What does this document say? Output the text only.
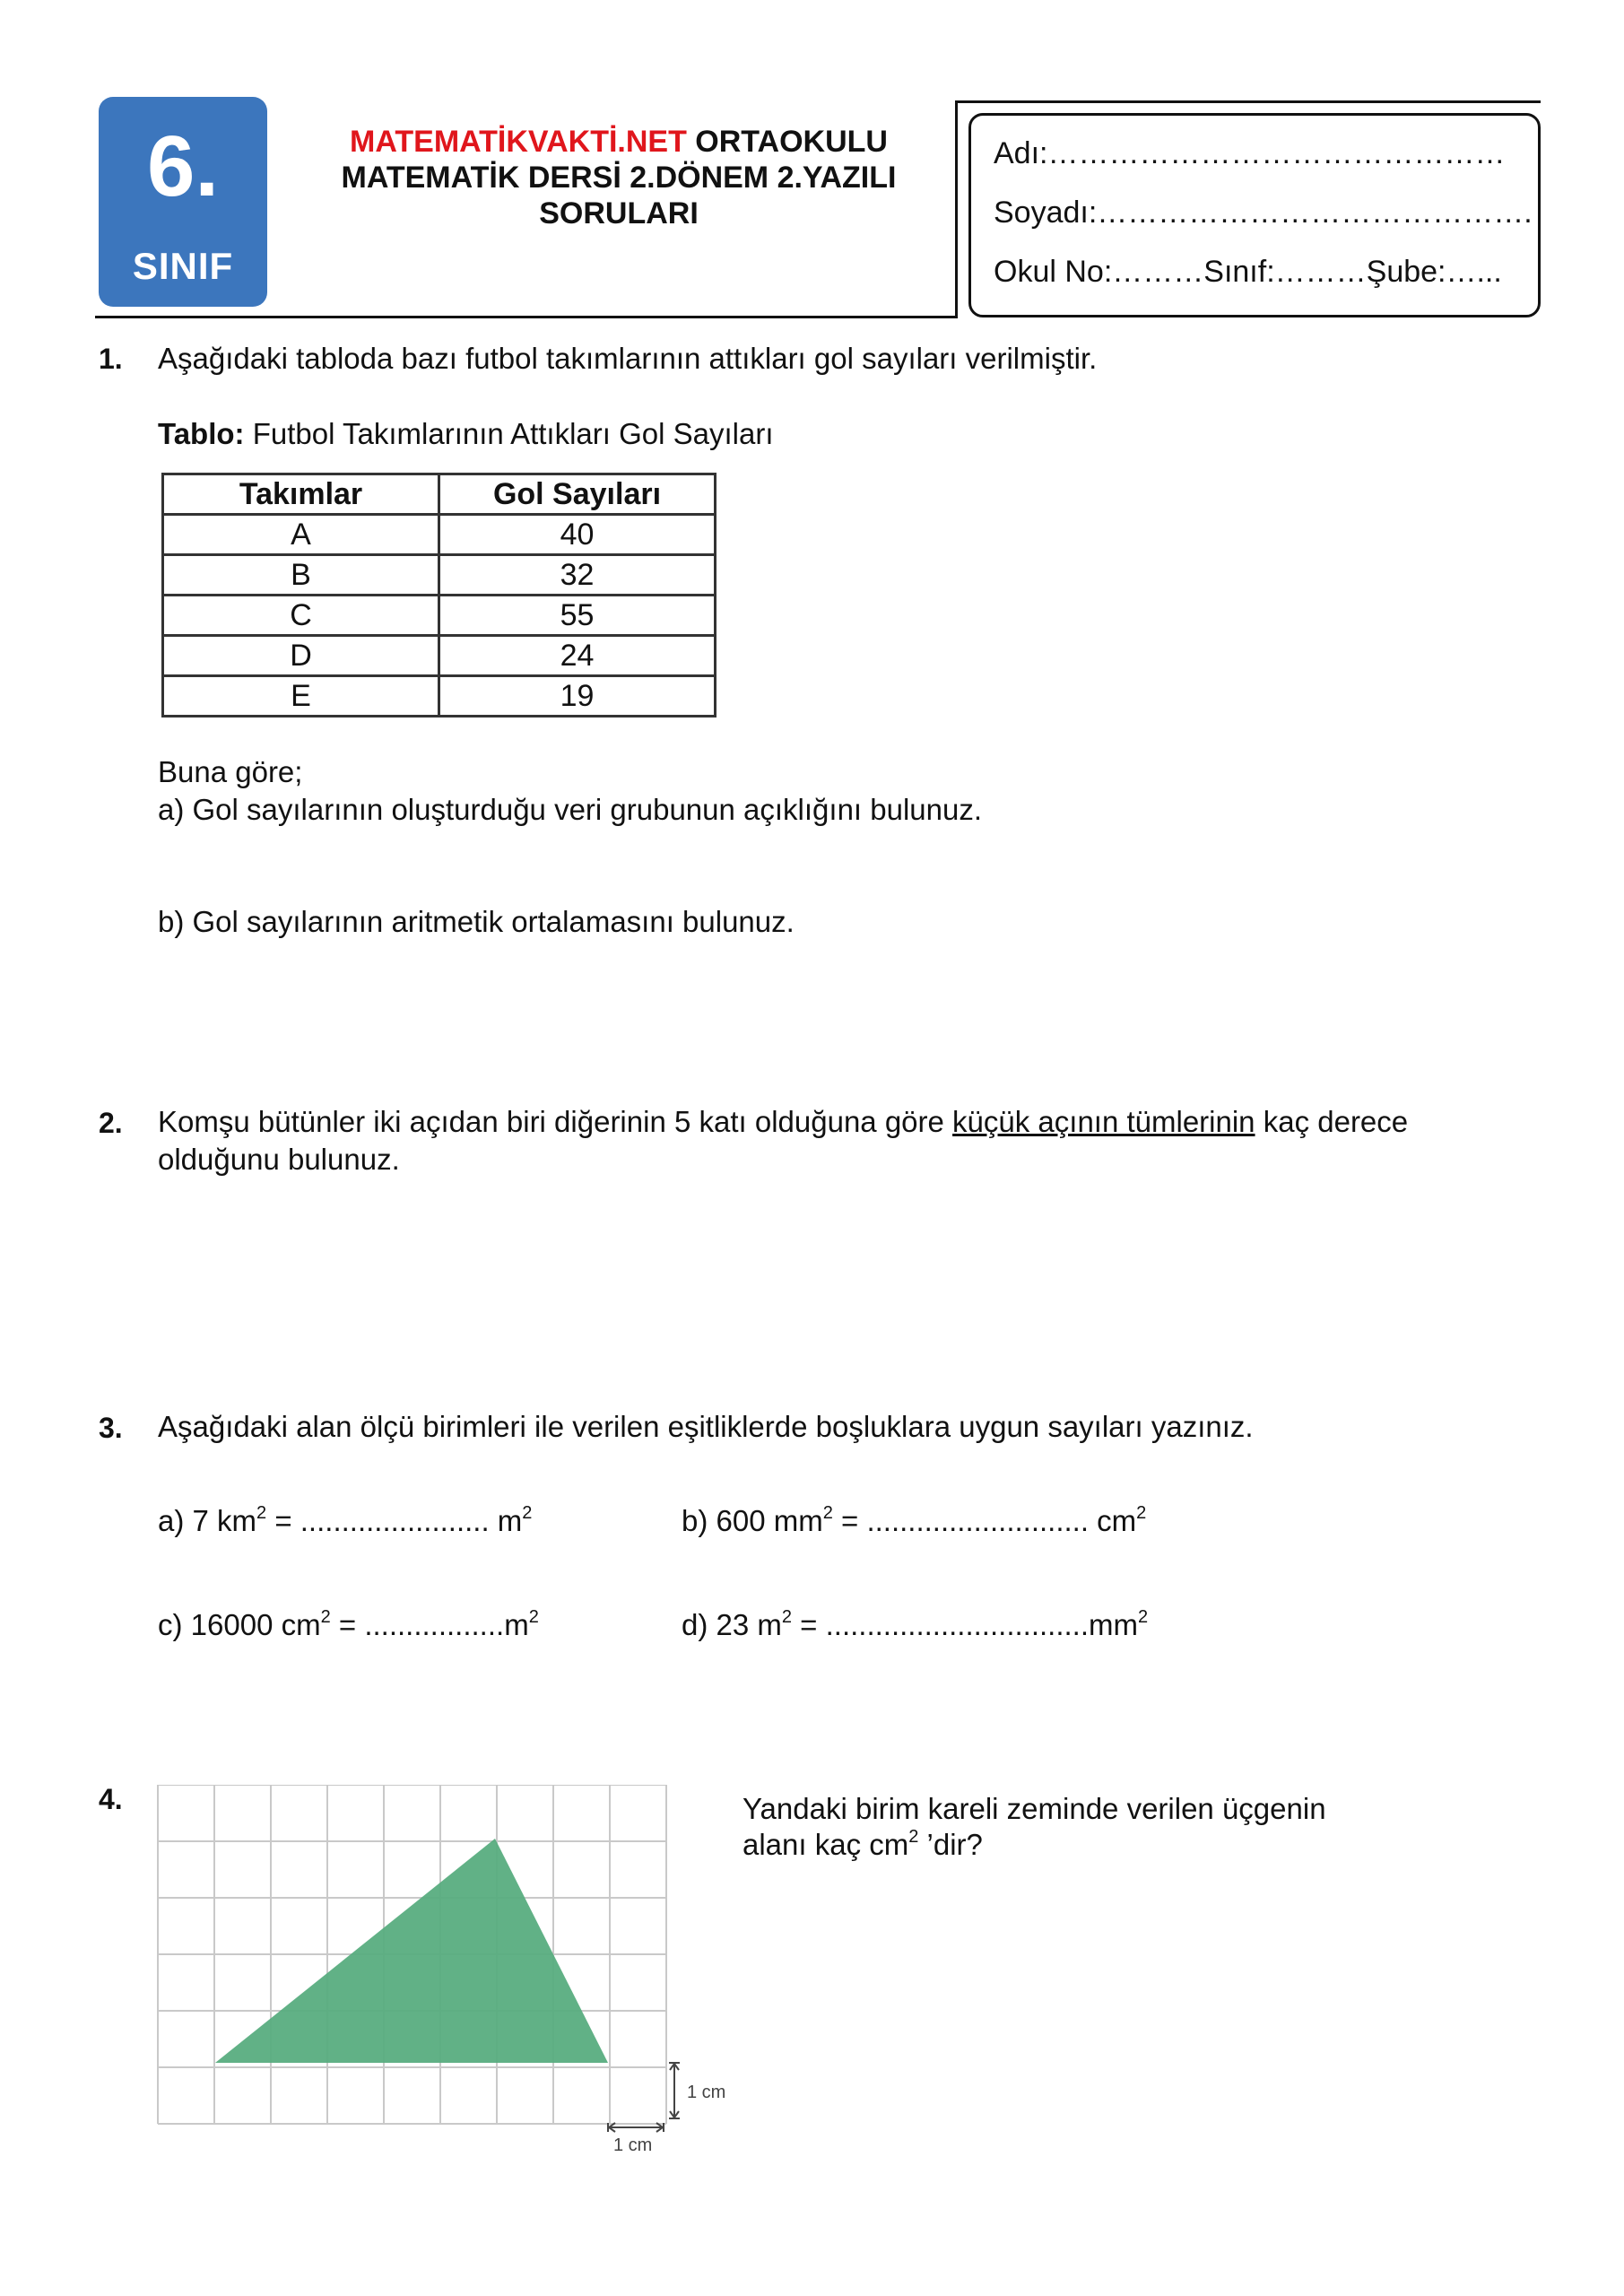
6.
SINIF
MATEMATİKVAKTİ.NET ORTAOKULU
MATEMATİK DERSİ 2.DÖNEM 2.YAZILI
SORULARI
Adı:………………………………………
Soyadı:…………………………………….
Okul No:………Sınıf:………Şube:…...
1. Aşağıdaki tabloda bazı futbol takımlarının attıkları gol sayıları verilmiştir.
Tablo: Futbol Takımlarının Attıkları Gol Sayıları
Takımlar	Gol Sayıları
A	40
B	32
C	55
D	24
E	19
Buna göre;
a) Gol sayılarının oluşturduğu veri grubunun açıklığını bulunuz.
b) Gol sayılarının aritmetik ortalamasını bulunuz.
2. Komşu bütünler iki açıdan biri diğerinin 5 katı olduğuna göre küçük açının tümlerinin kaç derece
olduğunu bulunuz.
3. Aşağıdaki alan ölçü birimleri ile verilen eşitliklerde boşluklara uygun sayıları yazınız.
a) 7 $km^2$ = ....................... $m^2$	b) 600 $mm^2$ = ........................... $cm^2$
c) 16000 $cm^2 = .................m^2$	d) 23 $m^2 = ................................mm^2$
4.	Yandaki birim kareli zeminde verilen üçgenin
alanı kaç $cm^2$ ’dir?
1 cm
1 cm
